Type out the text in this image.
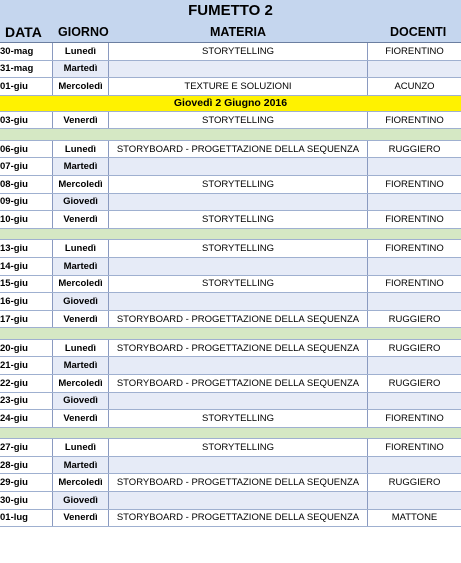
FUMETTO 2
DATA GIORNO	MATERIA	DOCENTI
30-mag	Lunedì	STORYTELLING	FIORENTINO
31-mag	Martedì		
01-giu	Mercoledì	TEXTURE E SOLUZIONI	ACUNZO
Giovedì 2 Giugno 2016			
03-giu	Venerdì	STORYTELLING	FIORENTINO

06-giu	Lunedì	STORYBOARD - PROGETTAZIONE DELLA SEQUENZA	RUGGIERO
07-giu	Martedì		
08-giu	Mercoledì	STORYTELLING	FIORENTINO
09-giu	Giovedì		
10-giu	Venerdì	STORYTELLING	FIORENTINO

13-giu	Lunedì	STORYTELLING	FIORENTINO
14-giu	Martedì		
15-giu	Mercoledì	STORYTELLING	FIORENTINO
16-giu	Giovedì		
17-giu	Venerdì	STORYBOARD - PROGETTAZIONE DELLA SEQUENZA	RUGGIERO

20-giu	Lunedì	STORYBOARD - PROGETTAZIONE DELLA SEQUENZA	RUGGIERO
21-giu	Martedì		
22-giu	Mercoledì	STORYBOARD - PROGETTAZIONE DELLA SEQUENZA	RUGGIERO
23-giu	Giovedì		
24-giu	Venerdì	STORYTELLING	FIORENTINO

27-giu	Lunedì	STORYTELLING	FIORENTINO
28-giu	Martedì		
29-giu	Mercoledì	STORYBOARD - PROGETTAZIONE DELLA SEQUENZA	RUGGIERO
30-giu	Giovedì		
01-lug	Venerdì	STORYBOARD - PROGETTAZIONE DELLA SEQUENZA	MATTONE
